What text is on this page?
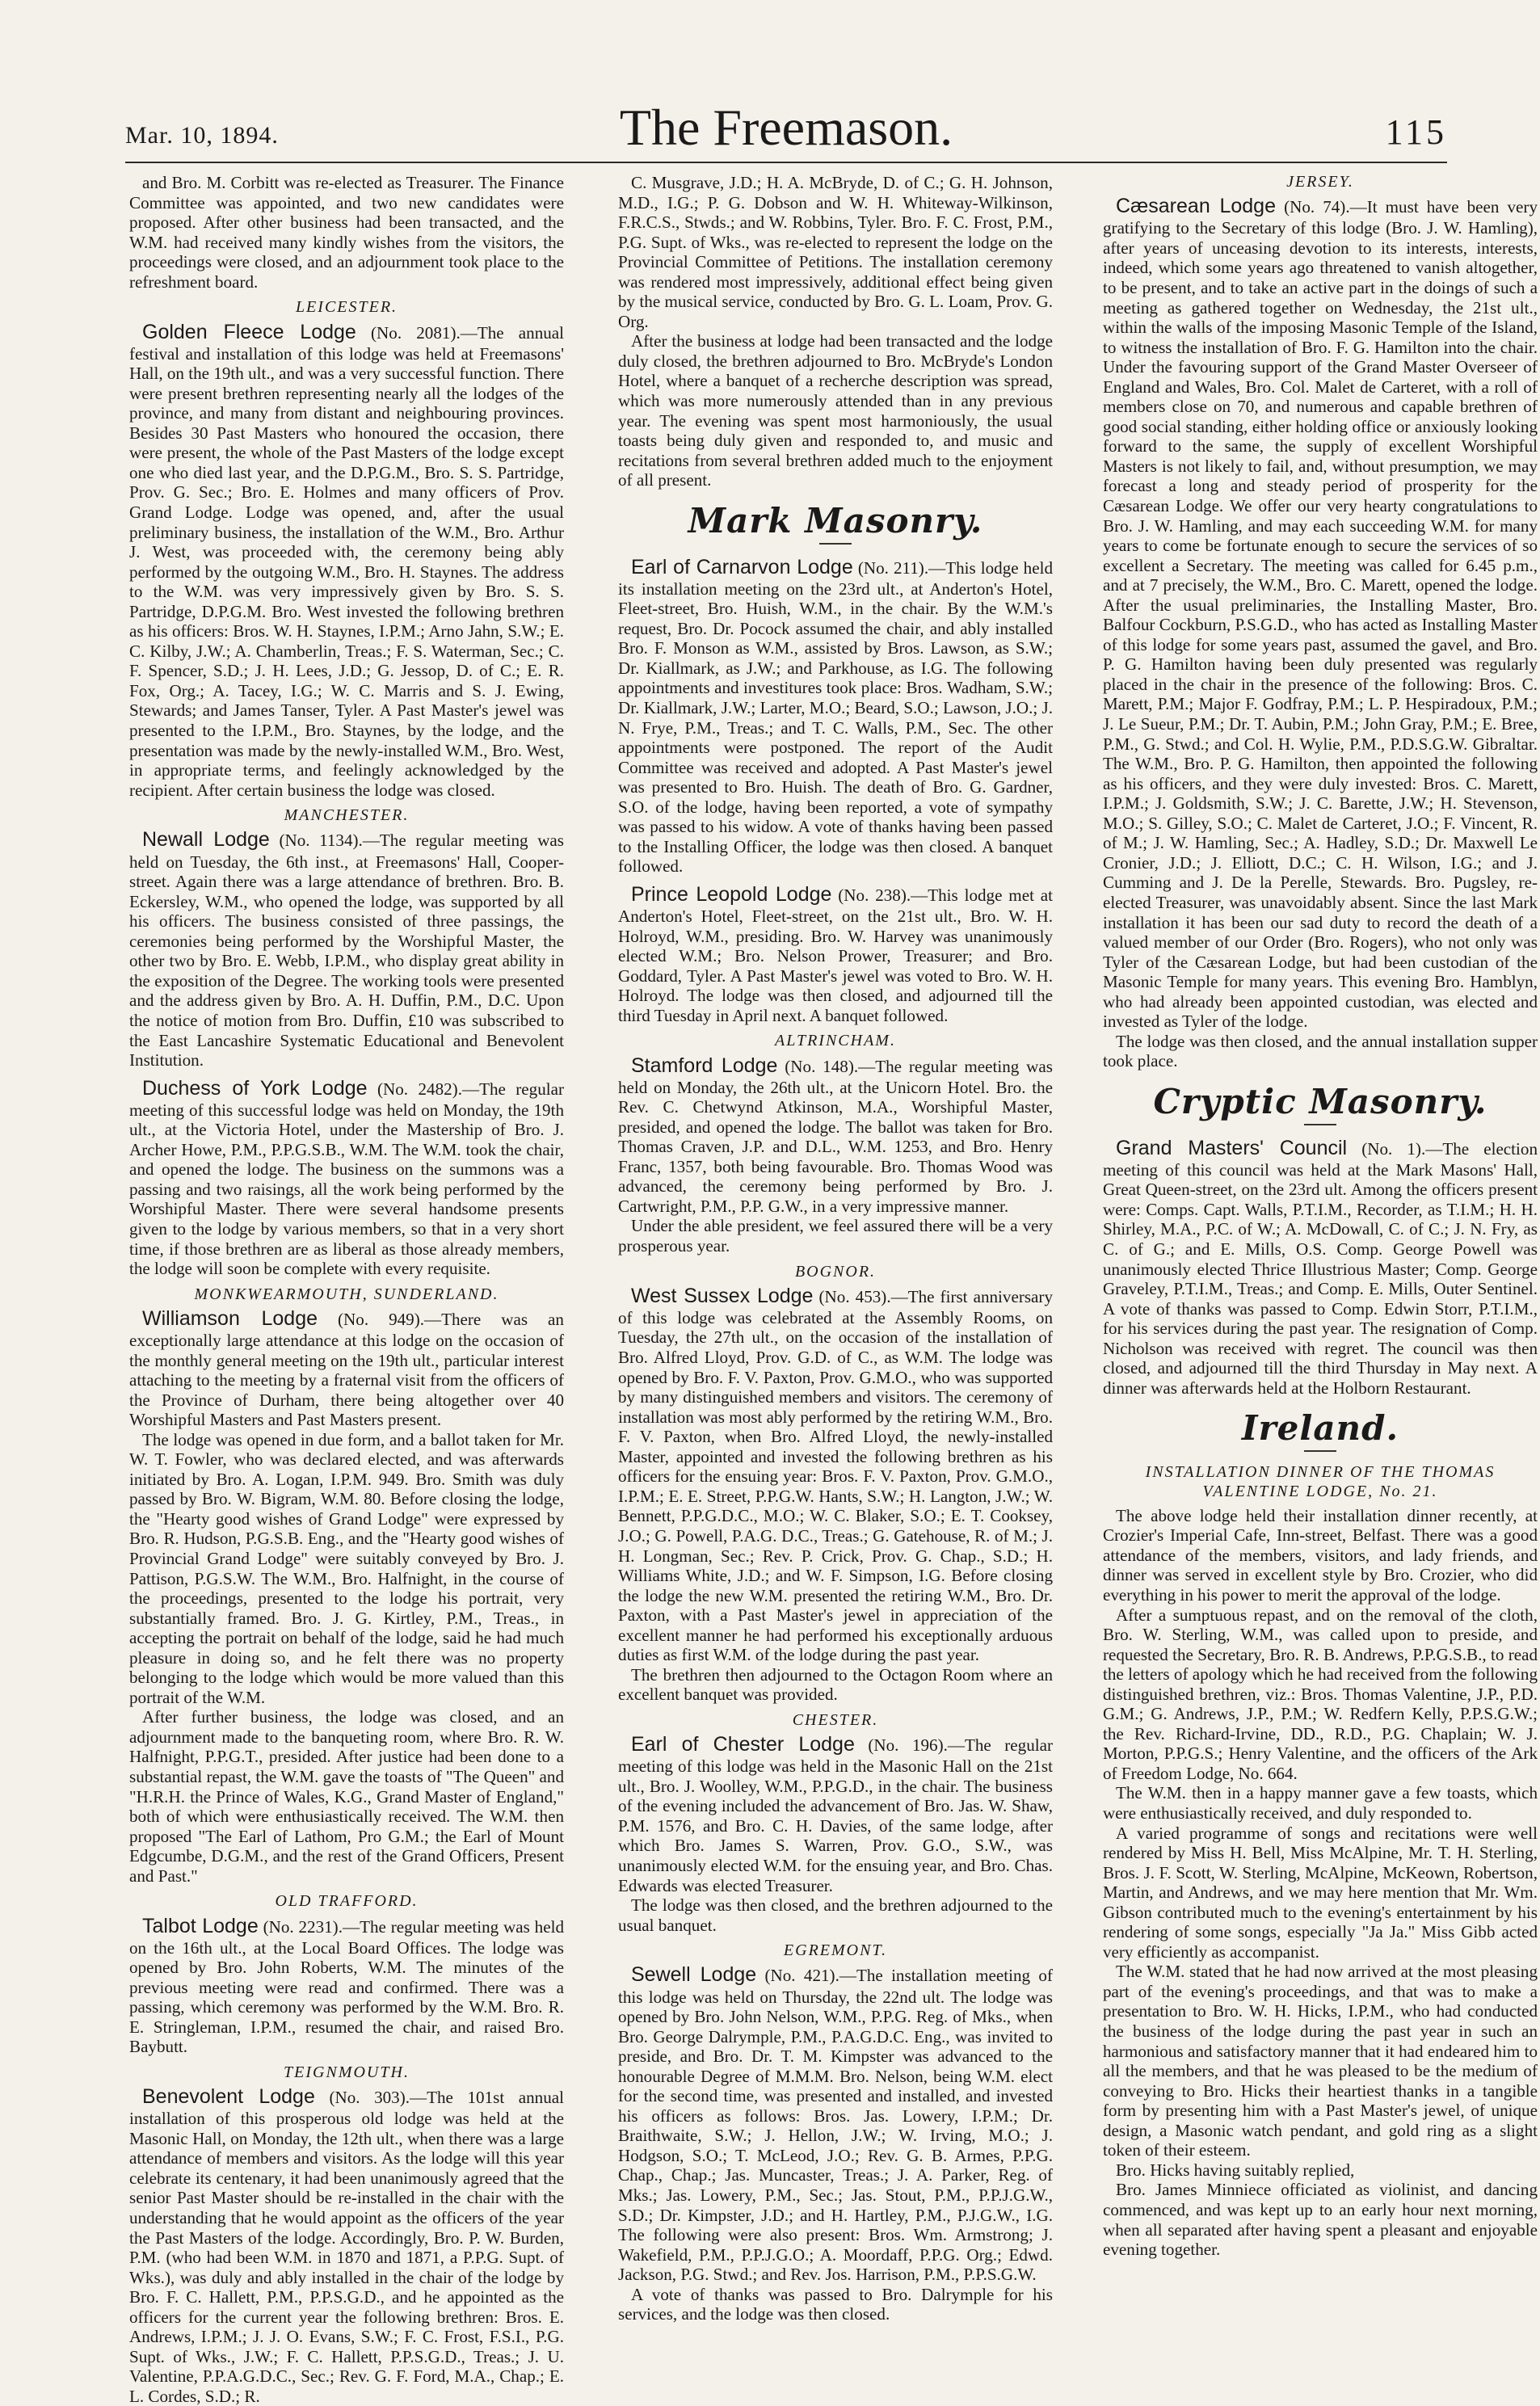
Mar. 10, 1894.	The Freemason.	115

and Bro. M. Corbitt was re-elected as Treasurer. The Finance Committee was appointed, and two new candidates were proposed. After other business had been transacted, and the W.M. had received many kindly wishes from the visitors, the proceedings were closed, and an adjournment took place to the refreshment board.

LEICESTER.

Golden Fleece Lodge (No. 2081).—The annual festival and installation of this lodge was held at Freemasons' Hall, on the 19th ult., and was a very successful function. There were present brethren representing nearly all the lodges of the province, and many from distant and neighbouring provinces. Besides 30 Past Masters who honoured the occasion, there were present, the whole of the Past Masters of the lodge except one who died last year, and the D.P.G.M., Bro. S. S. Partridge, Prov. G. Sec.; Bro. E. Holmes and many officers of Prov. Grand Lodge. Lodge was opened, and, after the usual preliminary business, the installation of the W.M., Bro. Arthur J. West, was proceeded with, the ceremony being ably performed by the outgoing W.M., Bro. H. Staynes. The address to the W.M. was very impressively given by Bro. S. S. Partridge, D.P.G.M. Bro. West invested the following brethren as his officers: Bros. W. H. Staynes, I.P.M.; Arno Jahn, S.W.; E. C. Kilby, J.W.; A. Chamberlin, Treas.; F. S. Waterman, Sec.; C. F. Spencer, S.D.; J. H. Lees, J.D.; G. Jessop, D. of C.; E. R. Fox, Org.; A. Tacey, I.G.; W. C. Marris and S. J. Ewing, Stewards; and James Tanser, Tyler. A Past Master's jewel was presented to the I.P.M., Bro. Staynes, by the lodge, and the presentation was made by the newly-installed W.M., Bro. West, in appropriate terms, and feelingly acknowledged by the recipient. After certain business the lodge was closed.

MANCHESTER.

Newall Lodge (No. 1134).—The regular meeting was held on Tuesday, the 6th inst., at Freemasons' Hall, Cooper-street. Again there was a large attendance of brethren. Bro. B. Eckersley, W.M., who opened the lodge, was supported by all his officers. The business consisted of three passings, the ceremonies being performed by the Worshipful Master, the other two by Bro. E. Webb, I.P.M., who display great ability in the exposition of the Degree. The working tools were presented and the address given by Bro. A. H. Duffin, P.M., D.C. Upon the notice of motion from Bro. Duffin, £10 was subscribed to the East Lancashire Systematic Educational and Benevolent Institution.

Duchess of York Lodge (No. 2482).—The regular meeting of this successful lodge was held on Monday, the 19th ult., at the Victoria Hotel, under the Mastership of Bro. J. Archer Howe, P.M., P.P.G.S.B., W.M. The W.M. took the chair, and opened the lodge. The business on the summons was a passing and two raisings, all the work being performed by the Worshipful Master. There were several handsome presents given to the lodge by various members, so that in a very short time, if those brethren are as liberal as those already members, the lodge will soon be complete with every requisite.

MONKWEARMOUTH, SUNDERLAND.

Williamson Lodge (No. 949).—There was an exceptionally large attendance at this lodge on the occasion of the monthly general meeting on the 19th ult., particular interest attaching to the meeting by a fraternal visit from the officers of the Province of Durham, there being altogether over 40 Worshipful Masters and Past Masters present.

The lodge was opened in due form, and a ballot taken for Mr. W. T. Fowler, who was declared elected, and was afterwards initiated by Bro. A. Logan, I.P.M. 949. Bro. Smith was duly passed by Bro. W. Bigram, W.M. 80. Before closing the lodge, the "Hearty good wishes of Grand Lodge" were expressed by Bro. R. Hudson, P.G.S.B. Eng., and the "Hearty good wishes of Provincial Grand Lodge" were suitably conveyed by Bro. J. Pattison, P.G.S.W. The W.M., Bro. Halfnight, in the course of the proceedings, presented to the lodge his portrait, very substantially framed. Bro. J. G. Kirtley, P.M., Treas., in accepting the portrait on behalf of the lodge, said he had much pleasure in doing so, and he felt there was no property belonging to the lodge which would be more valued than this portrait of the W.M.

After further business, the lodge was closed, and an adjournment made to the banqueting room, where Bro. R. W. Halfnight, P.P.G.T., presided. After justice had been done to a substantial repast, the W.M. gave the toasts of "The Queen" and "H.R.H. the Prince of Wales, K.G., Grand Master of England," both of which were enthusiastically received. The W.M. then proposed "The Earl of Lathom, Pro G.M.; the Earl of Mount Edgcumbe, D.G.M., and the rest of the Grand Officers, Present and Past."

OLD TRAFFORD.

Talbot Lodge (No. 2231).—The regular meeting was held on the 16th ult., at the Local Board Offices. The lodge was opened by Bro. John Roberts, W.M. The minutes of the previous meeting were read and confirmed. There was a passing, which ceremony was performed by the W.M. Bro. R. E. Stringleman, I.P.M., resumed the chair, and raised Bro. Baybutt.

TEIGNMOUTH.

Benevolent Lodge (No. 303).—The 101st annual installation of this prosperous old lodge was held at the Masonic Hall, on Monday, the 12th ult., when there was a large attendance of members and visitors. As the lodge will this year celebrate its centenary, it had been unanimously agreed that the senior Past Master should be re-installed in the chair with the understanding that he would appoint as the officers of the year the Past Masters of the lodge. Accordingly, Bro. P. W. Burden, P.M. (who had been W.M. in 1870 and 1871, a P.P.G. Supt. of Wks.), was duly and ably installed in the chair of the lodge by Bro. F. C. Hallett, P.M., P.P.S.G.D., and he appointed as the officers for the current year the following brethren: Bros. E. Andrews, I.P.M.; J. J. O. Evans, S.W.; F. C. Frost, F.S.I., P.G. Supt. of Wks., J.W.; F. C. Hallett, P.P.S.G.D., Treas.; J. U. Valentine, P.P.A.G.D.C., Sec.; Rev. G. F. Ford, M.A., Chap.; E. L. Cordes, S.D.; R.

C. Musgrave, J.D.; H. A. McBryde, D. of C.; G. H. Johnson, M.D., I.G.; P. G. Dobson and W. H. Whiteway-Wilkinson, F.R.C.S., Stwds.; and W. Robbins, Tyler. Bro. F. C. Frost, P.M., P.G. Supt. of Wks., was re-elected to represent the lodge on the Provincial Committee of Petitions. The installation ceremony was rendered most impressively, additional effect being given by the musical service, conducted by Bro. G. L. Loam, Prov. G. Org.

After the business at lodge had been transacted and the lodge duly closed, the brethren adjourned to Bro. McBryde's London Hotel, where a banquet of a recherche description was spread, which was more numerously attended than in any previous year. The evening was spent most harmoniously, the usual toasts being duly given and responded to, and music and recitations from several brethren added much to the enjoyment of all present.

Mark Masonry.

Earl of Carnarvon Lodge (No. 211).—This lodge held its installation meeting on the 23rd ult., at Anderton's Hotel, Fleet-street, Bro. Huish, W.M., in the chair. By the W.M.'s request, Bro. Dr. Pocock assumed the chair, and ably installed Bro. F. Monson as W.M., assisted by Bros. Lawson, as S.W.; Dr. Kiallmark, as J.W.; and Parkhouse, as I.G. The following appointments and investitures took place: Bros. Wadham, S.W.; Dr. Kiallmark, J.W.; Larter, M.O.; Beard, S.O.; Lawson, J.O.; J. N. Frye, P.M., Treas.; and T. C. Walls, P.M., Sec. The other appointments were postponed. The report of the Audit Committee was received and adopted. A Past Master's jewel was presented to Bro. Huish. The death of Bro. G. Gardner, S.O. of the lodge, having been reported, a vote of sympathy was passed to his widow. A vote of thanks having been passed to the Installing Officer, the lodge was then closed. A banquet followed.

Prince Leopold Lodge (No. 238).—This lodge met at Anderton's Hotel, Fleet-street, on the 21st ult., Bro. W. H. Holroyd, W.M., presiding. Bro. W. Harvey was unanimously elected W.M.; Bro. Nelson Prower, Treasurer; and Bro. Goddard, Tyler. A Past Master's jewel was voted to Bro. W. H. Holroyd. The lodge was then closed, and adjourned till the third Tuesday in April next. A banquet followed.

ALTRINCHAM.

Stamford Lodge (No. 148).—The regular meeting was held on Monday, the 26th ult., at the Unicorn Hotel. Bro. the Rev. C. Chetwynd Atkinson, M.A., Worshipful Master, presided, and opened the lodge. The ballot was taken for Bro. Thomas Craven, J.P. and D.L., W.M. 1253, and Bro. Henry Franc, 1357, both being favourable. Bro. Thomas Wood was advanced, the ceremony being performed by Bro. J. Cartwright, P.M., P.P. G.W., in a very impressive manner.

Under the able president, we feel assured there will be a very prosperous year.

BOGNOR.

West Sussex Lodge (No. 453).—The first anniversary of this lodge was celebrated at the Assembly Rooms, on Tuesday, the 27th ult., on the occasion of the installation of Bro. Alfred Lloyd, Prov. G.D. of C., as W.M. The lodge was opened by Bro. F. V. Paxton, Prov. G.M.O., who was supported by many distinguished members and visitors. The ceremony of installation was most ably performed by the retiring W.M., Bro. F. V. Paxton, when Bro. Alfred Lloyd, the newly-installed Master, appointed and invested the following brethren as his officers for the ensuing year: Bros. F. V. Paxton, Prov. G.M.O., I.P.M.; E. E. Street, P.P.G.W. Hants, S.W.; H. Langton, J.W.; W. Bennett, P.P.G.D.C., M.O.; W. C. Blaker, S.O.; E. T. Cooksey, J.O.; G. Powell, P.A.G. D.C., Treas.; G. Gatehouse, R. of M.; J. H. Longman, Sec.; Rev. P. Crick, Prov. G. Chap., S.D.; H. Williams White, J.D.; and W. F. Simpson, I.G. Before closing the lodge the new W.M. presented the retiring W.M., Bro. Dr. Paxton, with a Past Master's jewel in appreciation of the excellent manner he had performed his exceptionally arduous duties as first W.M. of the lodge during the past year.

The brethren then adjourned to the Octagon Room where an excellent banquet was provided.

CHESTER.

Earl of Chester Lodge (No. 196).—The regular meeting of this lodge was held in the Masonic Hall on the 21st ult., Bro. J. Woolley, W.M., P.P.G.D., in the chair. The business of the evening included the advancement of Bro. Jas. W. Shaw, P.M. 1576, and Bro. C. H. Davies, of the same lodge, after which Bro. James S. Warren, Prov. G.O., S.W., was unanimously elected W.M. for the ensuing year, and Bro. Chas. Edwards was elected Treasurer.

The lodge was then closed, and the brethren adjourned to the usual banquet.

EGREMONT.

Sewell Lodge (No. 421).—The installation meeting of this lodge was held on Thursday, the 22nd ult. The lodge was opened by Bro. John Nelson, W.M., P.P.G. Reg. of Mks., when Bro. George Dalrymple, P.M., P.A.G.D.C. Eng., was invited to preside, and Bro. Dr. T. M. Kimpster was advanced to the honourable Degree of M.M.M. Bro. Nelson, being W.M. elect for the second time, was presented and installed, and invested his officers as follows: Bros. Jas. Lowery, I.P.M.; Dr. Braithwaite, S.W.; J. Hellon, J.W.; W. Irving, M.O.; J. Hodgson, S.O.; T. McLeod, J.O.; Rev. G. B. Armes, P.P.G. Chap., Chap.; Jas. Muncaster, Treas.; J. A. Parker, Reg. of Mks.; Jas. Lowery, P.M., Sec.; Jas. Stout, P.M., P.P.J.G.W., S.D.; Dr. Kimpster, J.D.; and H. Hartley, P.M., P.J.G.W., I.G. The following were also present: Bros. Wm. Armstrong; J. Wakefield, P.M., P.P.J.G.O.; A. Moordaff, P.P.G. Org.; Edwd. Jackson, P.G. Stwd.; and Rev. Jos. Harrison, P.M., P.P.S.G.W.

A vote of thanks was passed to Bro. Dalrymple for his services, and the lodge was then closed.

JERSEY.

Cæsarean Lodge (No. 74).—It must have been very gratifying to the Secretary of this lodge (Bro. J. W. Hamling), after years of unceasing devotion to its interests, interests, indeed, which some years ago threatened to vanish altogether, to be present, and to take an active part in the doings of such a meeting as gathered together on Wednesday, the 21st ult., within the walls of the imposing Masonic Temple of the Island, to witness the installation of Bro. F. G. Hamilton into the chair. Under the favouring support of the Grand Master Overseer of England and Wales, Bro. Col. Malet de Carteret, with a roll of members close on 70, and numerous and capable brethren of good social standing, either holding office or anxiously looking forward to the same, the supply of excellent Worshipful Masters is not likely to fail, and, without presumption, we may forecast a long and steady period of prosperity for the Cæsarean Lodge. We offer our very hearty congratulations to Bro. J. W. Hamling, and may each succeeding W.M. for many years to come be fortunate enough to secure the services of so excellent a Secretary. The meeting was called for 6.45 p.m., and at 7 precisely, the W.M., Bro. C. Marett, opened the lodge. After the usual preliminaries, the Installing Master, Bro. Balfour Cockburn, P.S.G.D., who has acted as Installing Master of this lodge for some years past, assumed the gavel, and Bro. P. G. Hamilton having been duly presented was regularly placed in the chair in the presence of the following: Bros. C. Marett, P.M.; Major F. Godfray, P.M.; L. P. Hespiradoux, P.M.; J. Le Sueur, P.M.; Dr. T. Aubin, P.M.; John Gray, P.M.; E. Bree, P.M., G. Stwd.; and Col. H. Wylie, P.M., P.D.S.G.W. Gibraltar. The W.M., Bro. P. G. Hamilton, then appointed the following as his officers, and they were duly invested: Bros. C. Marett, I.P.M.; J. Goldsmith, S.W.; J. C. Barette, J.W.; H. Stevenson, M.O.; S. Gilley, S.O.; C. Malet de Carteret, J.O.; F. Vincent, R. of M.; J. W. Hamling, Sec.; A. Hadley, S.D.; Dr. Maxwell Le Cronier, J.D.; J. Elliott, D.C.; C. H. Wilson, I.G.; and J. Cumming and J. De la Perelle, Stewards. Bro. Pugsley, re-elected Treasurer, was unavoidably absent. Since the last Mark installation it has been our sad duty to record the death of a valued member of our Order (Bro. Rogers), who not only was Tyler of the Cæsarean Lodge, but had been custodian of the Masonic Temple for many years. This evening Bro. Hamblyn, who had already been appointed custodian, was elected and invested as Tyler of the lodge.

The lodge was then closed, and the annual installation supper took place.

Cryptic Masonry.

Grand Masters' Council (No. 1).—The election meeting of this council was held at the Mark Masons' Hall, Great Queen-street, on the 23rd ult. Among the officers present were: Comps. Capt. Walls, P.T.I.M., Recorder, as T.I.M.; H. H. Shirley, M.A., P.C. of W.; A. McDowall, C. of C.; J. N. Fry, as C. of G.; and E. Mills, O.S. Comp. George Powell was unanimously elected Thrice Illustrious Master; Comp. George Graveley, P.T.I.M., Treas.; and Comp. E. Mills, Outer Sentinel. A vote of thanks was passed to Comp. Edwin Storr, P.T.I.M., for his services during the past year. The resignation of Comp. Nicholson was received with regret. The council was then closed, and adjourned till the third Thursday in May next. A dinner was afterwards held at the Holborn Restaurant.

Ireland.
INSTALLATION DINNER OF THE THOMAS
VALENTINE LODGE, No. 21.

The above lodge held their installation dinner recently, at Crozier's Imperial Cafe, Inn-street, Belfast. There was a good attendance of the members, visitors, and lady friends, and dinner was served in excellent style by Bro. Crozier, who did everything in his power to merit the approval of the lodge.

After a sumptuous repast, and on the removal of the cloth, Bro. W. Sterling, W.M., was called upon to preside, and requested the Secretary, Bro. R. B. Andrews, P.P.G.S.B., to read the letters of apology which he had received from the following distinguished brethren, viz.: Bros. Thomas Valentine, J.P., P.D. G.M.; G. Andrews, J.P., P.M.; W. Redfern Kelly, P.P.S.G.W.; the Rev. Richard-Irvine, DD., R.D., P.G. Chaplain; W. J. Morton, P.P.G.S.; Henry Valentine, and the officers of the Ark of Freedom Lodge, No. 664.

The W.M. then in a happy manner gave a few toasts, which were enthusiastically received, and duly responded to.

A varied programme of songs and recitations were well rendered by Miss H. Bell, Miss McAlpine, Mr. T. H. Sterling, Bros. J. F. Scott, W. Sterling, McAlpine, McKeown, Robertson, Martin, and Andrews, and we may here mention that Mr. Wm. Gibson contributed much to the evening's entertainment by his rendering of some songs, especially "Ja Ja." Miss Gibb acted very efficiently as accompanist.

The W.M. stated that he had now arrived at the most pleasing part of the evening's proceedings, and that was to make a presentation to Bro. W. H. Hicks, I.P.M., who had conducted the business of the lodge during the past year in such an harmonious and satisfactory manner that it had endeared him to all the members, and that he was pleased to be the medium of conveying to Bro. Hicks their heartiest thanks in a tangible form by presenting him with a Past Master's jewel, of unique design, a Masonic watch pendant, and gold ring as a slight token of their esteem.

Bro. Hicks having suitably replied,

Bro. James Minniece officiated as violinist, and dancing commenced, and was kept up to an early hour next morning, when all separated after having spent a pleasant and enjoyable evening together.
